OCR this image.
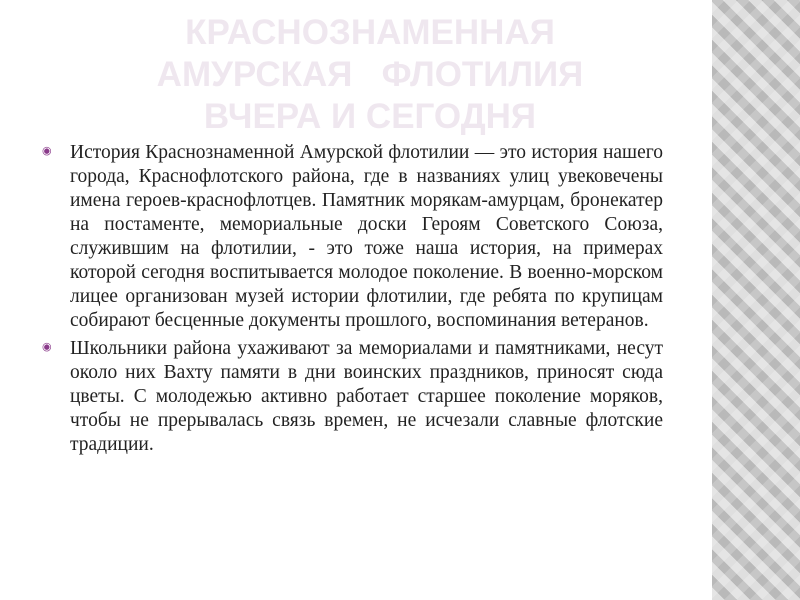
КРАСНОЗНАМЕННАЯ
АМУРСКАЯ   ФЛОТИЛИЯ
ВЧЕРА И СЕГОДНЯ
◉ История Краснознаменной Амурской флотилии — это история нашего города, Краснофлотского района, где в названиях улиц увековечены имена героев-краснофлотцев. Памятник морякам-амурцам, бронекатер на постаменте, мемориальные доски Героям Советского Союза, служившим на флотилии, - это тоже наша история, на примерах которой сегодня воспитывается молодое поколение. В военно-морском лицее организован музей истории флотилии, где ребята по крупицам собирают бесценные документы прошлого, воспоминания ветеранов.
◉ Школьники района ухаживают за мемориалами и памятниками, несут около них Вахту памяти в дни воинских праздников, приносят сюда цветы. С молодежью активно работает старшее поколение моряков, чтобы не прерывалась связь времен, не исчезали славные флотские традиции.
